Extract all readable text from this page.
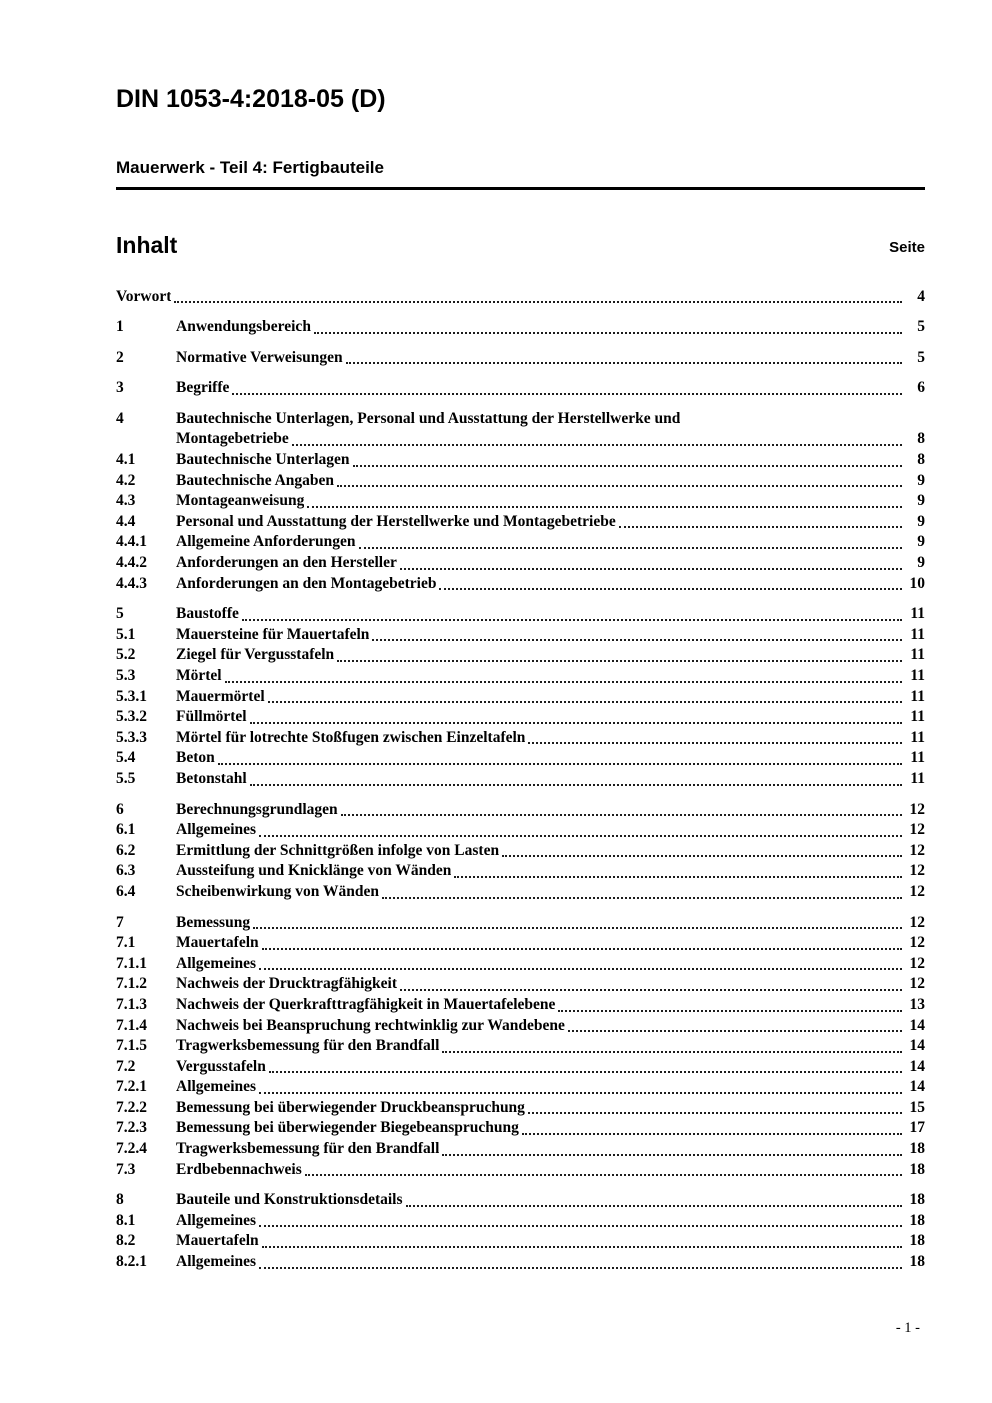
DIN 1053-4:2018-05 (D)
Mauerwerk - Teil 4: Fertigbauteile
Inhalt	Seite
Vorwort	4
1	Anwendungsbereich	5
2	Normative Verweisungen	5
3	Begriffe	6
4	Bautechnische Unterlagen, Personal und Ausstattung der Herstellwerke und
Montagebetriebe	8
4.1	Bautechnische Unterlagen	8
4.2	Bautechnische Angaben	9
4.3	Montageanweisung	9
4.4	Personal und Ausstattung der Herstellwerke und Montagebetriebe	9
4.4.1	Allgemeine Anforderungen	9
4.4.2	Anforderungen an den Hersteller	9
4.4.3	Anforderungen an den Montagebetrieb	10
5	Baustoffe	11
5.1	Mauersteine für Mauertafeln	11
5.2	Ziegel für Vergusstafeln	11
5.3	Mörtel	11
5.3.1	Mauermörtel	11
5.3.2	Füllmörtel	11
5.3.3	Mörtel für lotrechte Stoßfugen zwischen Einzeltafeln	11
5.4	Beton	11
5.5	Betonstahl	11
6	Berechnungsgrundlagen	12
6.1	Allgemeines	12
6.2	Ermittlung der Schnittgrößen infolge von Lasten	12
6.3	Aussteifung und Knicklänge von Wänden	12
6.4	Scheibenwirkung von Wänden	12
7	Bemessung	12
7.1	Mauertafeln	12
7.1.1	Allgemeines	12
7.1.2	Nachweis der Drucktragfähigkeit	12
7.1.3	Nachweis der Querkrafttragfähigkeit in Mauertafelebene	13
7.1.4	Nachweis bei Beanspruchung rechtwinklig zur Wandebene	14
7.1.5	Tragwerksbemessung für den Brandfall	14
7.2	Vergusstafeln	14
7.2.1	Allgemeines	14
7.2.2	Bemessung bei überwiegender Druckbeanspruchung	15
7.2.3	Bemessung bei überwiegender Biegebeanspruchung	17
7.2.4	Tragwerksbemessung für den Brandfall	18
7.3	Erdbebennachweis	18
8	Bauteile und Konstruktionsdetails	18
8.1	Allgemeines	18
8.2	Mauertafeln	18
8.2.1	Allgemeines	18
- 1 -
